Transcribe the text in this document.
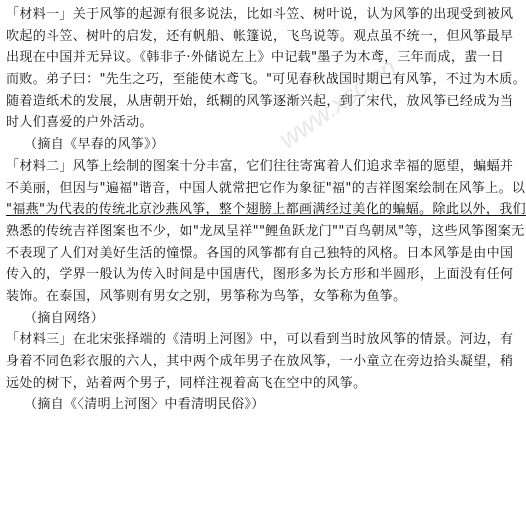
「材料一」关于风筝的起源有很多说法，比如斗笠、树叶说，认为风筝的出现受到被风
吹起的斗笠、树叶的启发，还有帆船、帐篷说，飞鸟说等。观点虽不统一，但风筝最早
出现在中国并无异议。《韩非子·外储说左上》中记载"墨子为木鸢，三年而成，蜚一日
而败。弟子曰："先生之巧，至能使木鸢飞。"可见春秋战国时期已有风筝，不过为木质。
随着造纸术的发展，从唐朝开始，纸糊的风筝逐渐兴起，到了宋代，放风筝已经成为当
时人们喜爱的户外活动。
（摘自《早春的风筝》）
「材料二」风筝上绘制的图案十分丰富，它们往往寄寓着人们追求幸福的愿望，蝙蝠并
不美丽，但因与"遍福"谐音，中国人就常把它作为象征"福"的吉祥图案绘制在风筝上。以
"福燕"为代表的传统北京沙燕风筝，整个翅膀上都画满经过美化的蝙蝠。除此以外，我们
熟悉的传统吉祥图案也不少，如"龙凤呈祥""鲤鱼跃龙门""百鸟朝凤"等，这些风筝图案无
不表现了人们对美好生活的憧憬。各国的风筝都有自己独特的风格。日本风筝是由中国
传入的，学界一般认为传入时间是中国唐代，图形多为长方形和半圆形，上面没有任何
装饰。在泰国，风筝则有男女之别，男筝称为鸟筝，女筝称为鱼筝。
（摘自网络）
「材料三」在北宋张择端的《清明上河图》中，可以看到当时放风筝的情景。河边，有
身着不同色彩衣服的六人，其中两个成年男子在放风筝，一小童立在旁边拾头凝望，稍
远处的树下，站着两个男子，同样注视着高飞在空中的风筝。
（摘自《〈清明上河图〉中看清明民俗》）
www.xsc.cn
